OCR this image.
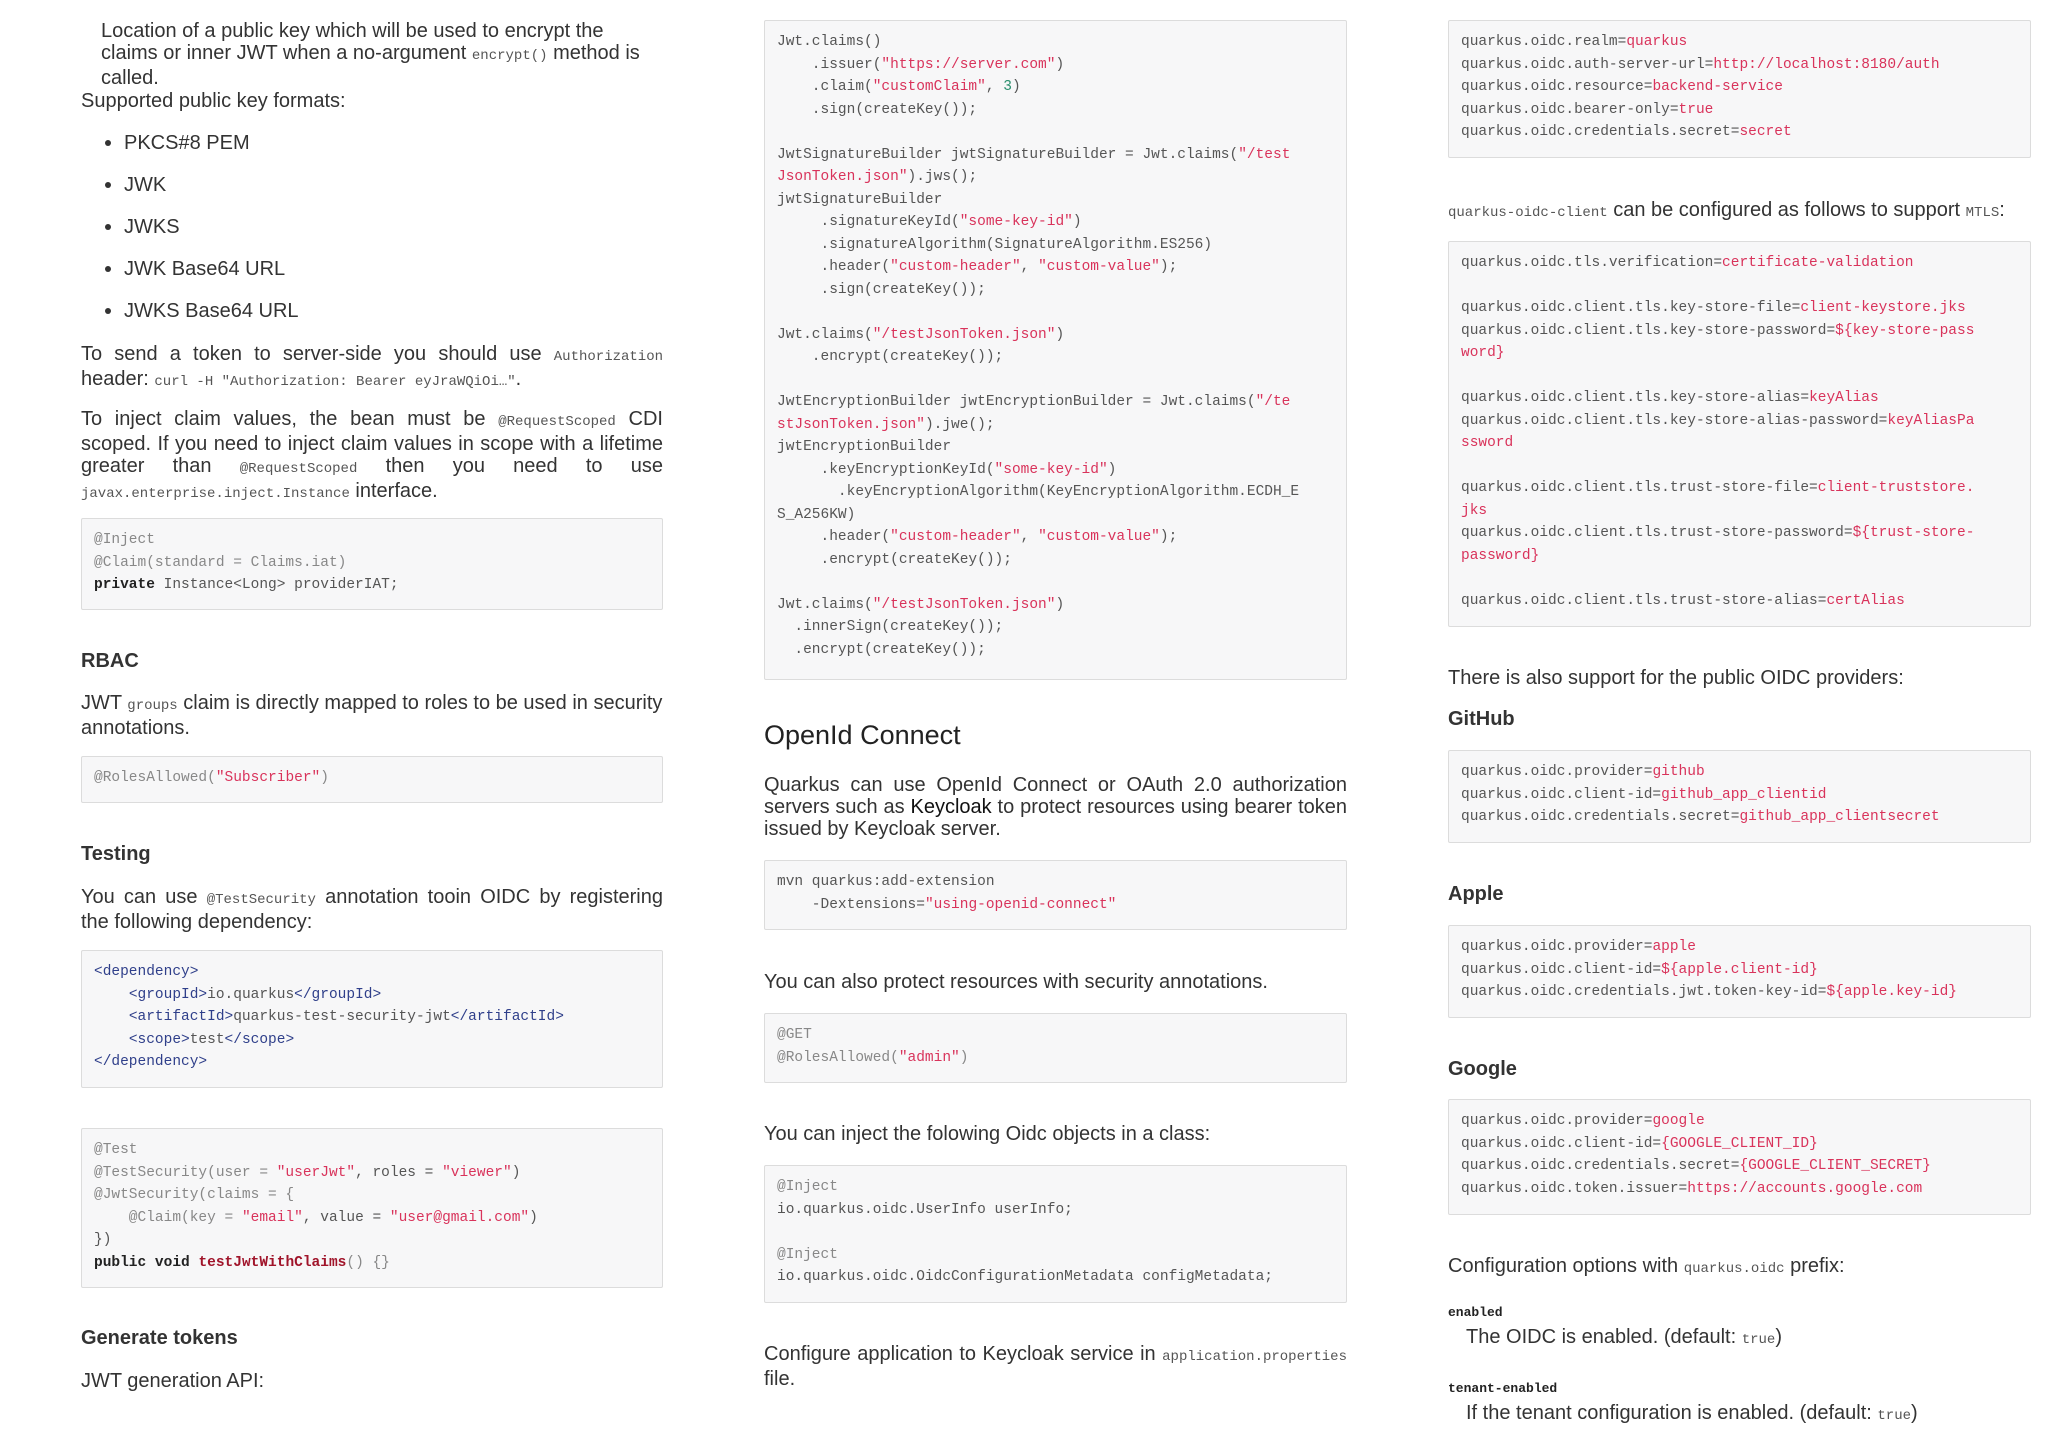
Location of a public key which will be used to encrypt the claims or inner JWT when a no-argument encrypt() method is called.

Supported public key formats:

PKCS#8 PEM
JWK
JWKS
JWK Base64 URL
JWKS Base64 URL

To send a token to server-side you should use Authorization header: curl -H "Authorization: Bearer eyJraWQiOi…".

To inject claim values, the bean must be @RequestScoped CDI scoped. If you need to inject claim values in scope with a lifetime greater than @RequestScoped then you need to use javax.enterprise.inject.Instance interface.

@Inject
@Claim(standard = Claims.iat)
private Instance<Long> providerIAT;
RBAC

JWT groups claim is directly mapped to roles to be used in security annotations.

@RolesAllowed("Subscriber")
Testing

You can use @TestSecurity annotation tooin OIDC by registering the following dependency:

<dependency>
<groupId>io.quarkus</groupId>
<artifactId>quarkus-test-security-jwt</artifactId>
<scope>test</scope>
</dependency>
@Test
@TestSecurity(user = "userJwt", roles = "viewer")
@JwtSecurity(claims = {
@Claim(key = "email", value = "user@gmail.com")
})
public void testJwtWithClaims() {}
Generate tokens

JWT generation API:

Jwt.claims()
.issuer("https://server.com")
.claim("customClaim", 3)
.sign(createKey());

JwtSignatureBuilder jwtSignatureBuilder = Jwt.claims("/test
JsonToken.json").jws();
jwtSignatureBuilder
.signatureKeyId("some-key-id")
.signatureAlgorithm(SignatureAlgorithm.ES256)
.header("custom-header", "custom-value");
.sign(createKey());

Jwt.claims("/testJsonToken.json")
.encrypt(createKey());

JwtEncryptionBuilder jwtEncryptionBuilder = Jwt.claims("/te
stJsonToken.json").jwe();
jwtEncryptionBuilder
.keyEncryptionKeyId("some-key-id")
.keyEncryptionAlgorithm(KeyEncryptionAlgorithm.ECDH_E
S_A256KW)
.header("custom-header", "custom-value");
.encrypt(createKey());

Jwt.claims("/testJsonToken.json")
.innerSign(createKey());
.encrypt(createKey());
OpenId Connect

Quarkus can use OpenId Connect or OAuth 2.0 authorization servers such as Keycloak to protect resources using bearer token issued by Keycloak server.

mvn quarkus:add-extension
-Dextensions="using-openid-connect"

You can also protect resources with security annotations.

@GET
@RolesAllowed("admin")

You can inject the folowing Oidc objects in a class:

@Inject
io.quarkus.oidc.UserInfo userInfo;

@Inject
io.quarkus.oidc.OidcConfigurationMetadata configMetadata;

Configure application to Keycloak service in application.properties file.

quarkus.oidc.realm=quarkus
quarkus.oidc.auth-server-url=http://localhost:8180/auth
quarkus.oidc.resource=backend-service
quarkus.oidc.bearer-only=true
quarkus.oidc.credentials.secret=secret

quarkus-oidc-client can be configured as follows to support MTLS:

quarkus.oidc.tls.verification=certificate-validation

quarkus.oidc.client.tls.key-store-file=client-keystore.jks
quarkus.oidc.client.tls.key-store-password=${key-store-pass
word}

quarkus.oidc.client.tls.key-store-alias=keyAlias
quarkus.oidc.client.tls.key-store-alias-password=keyAliasPa
ssword

quarkus.oidc.client.tls.trust-store-file=client-truststore.
jks
quarkus.oidc.client.tls.trust-store-password=${trust-store-
password}

quarkus.oidc.client.tls.trust-store-alias=certAlias

There is also support for the public OIDC providers:

GitHub
quarkus.oidc.provider=github
quarkus.oidc.client-id=github_app_clientid
quarkus.oidc.credentials.secret=github_app_clientsecret
Apple
quarkus.oidc.provider=apple
quarkus.oidc.client-id=${apple.client-id}
quarkus.oidc.credentials.jwt.token-key-id=${apple.key-id}
Google
quarkus.oidc.provider=google
quarkus.oidc.client-id={GOOGLE_CLIENT_ID}
quarkus.oidc.credentials.secret={GOOGLE_CLIENT_SECRET}
quarkus.oidc.token.issuer=https://accounts.google.com

Configuration options with quarkus.oidc prefix:

enabled

The OIDC is enabled. (default: true)

tenant-enabled

If the tenant configuration is enabled. (default: true)
